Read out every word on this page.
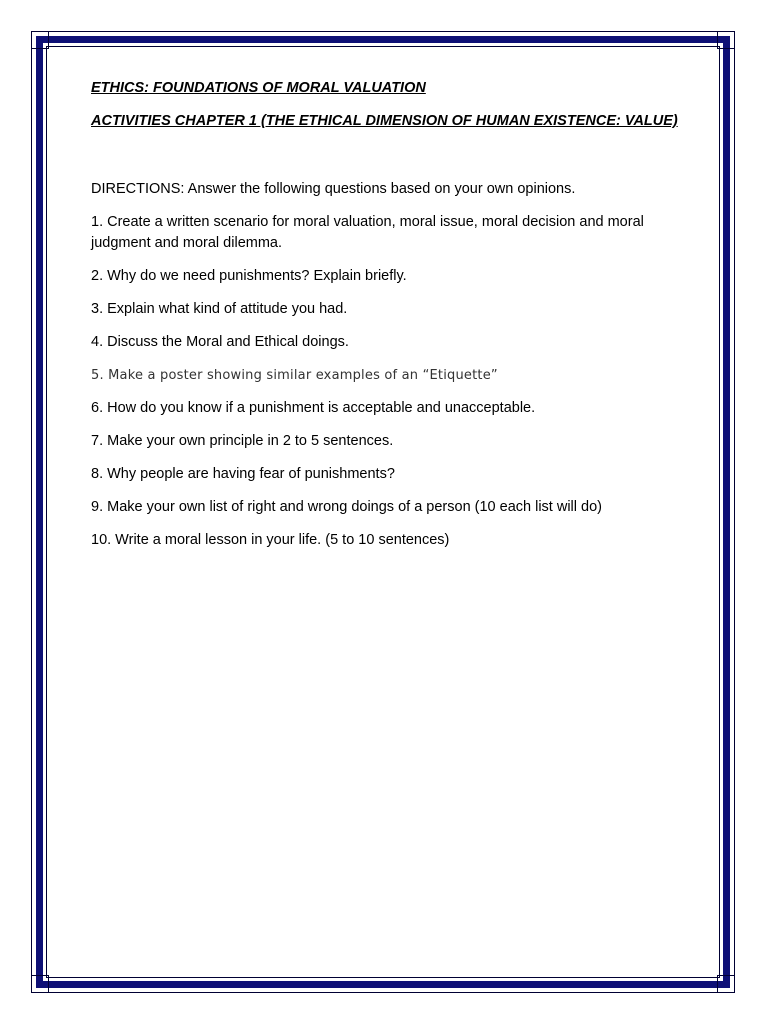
ETHICS: FOUNDATIONS OF MORAL VALUATION

ACTIVITIES CHAPTER 1 (THE ETHICAL DIMENSION OF HUMAN EXISTENCE: VALUE)

DIRECTIONS: Answer the following questions based on your own opinions.

1. Create a written scenario for moral valuation, moral issue, moral decision and moral judgment and moral dilemma.

2. Why do we need punishments? Explain briefly.

3. Explain what kind of attitude you had.

4. Discuss the Moral and Ethical doings.

5. Make a poster showing similar examples of an “Etiquette”

6. How do you know if a punishment is acceptable and unacceptable.

7. Make your own principle in 2 to 5 sentences.

8. Why people are having fear of punishments?

9. Make your own list of right and wrong doings of a person (10 each list will do)

10. Write a moral lesson in your life. (5 to 10 sentences)
